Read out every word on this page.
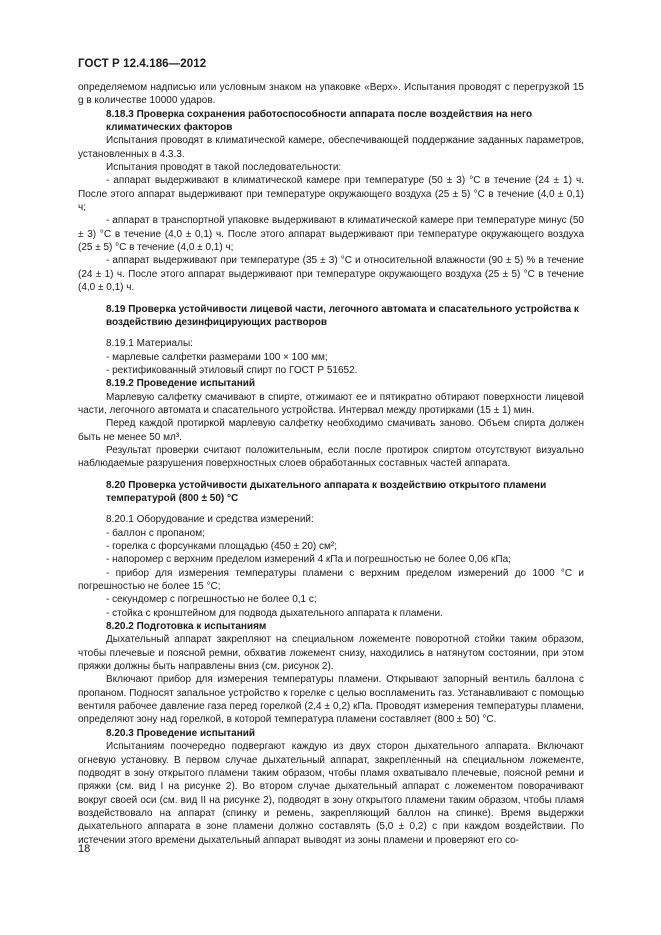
ГОСТ Р 12.4.186—2012

определяемом надписью или условным знаком на упаковке «Верх». Испытания проводят с перегрузкой 15 g в количестве 10000 ударов.

8.18.3 Проверка сохранения работоспособности аппарата после воздействия на него климатических факторов

Испытания проводят в климатической камере, обеспечивающей поддержание заданных параметров, установленных в 4.3.3.

Испытания проводят в такой последовательности:

- аппарат выдерживают в климатической камере при температуре (50 ± 3) °С в течение (24 ± 1) ч. После этого аппарат выдерживают при температуре окружающего воздуха (25 ± 5) °С в течение (4,0 ± 0,1) ч;

- аппарат в транспортной упаковке выдерживают в климатической камере при температуре минус (50 ± 3) °С в течение (4,0 ± 0,1) ч. После этого аппарат выдерживают при температуре окружающего воздуха (25 ± 5) °С в течение (4,0 ± 0,1) ч;

- аппарат выдерживают при температуре (35 ± 3) °С и относительной влажности (90 ± 5) % в течение (24 ± 1) ч. После этого аппарат выдерживают при температуре окружающего воздуха (25 ± 5) °С в течение (4,0 ± 0,1) ч.

8.19 Проверка устойчивости лицевой части, легочного автомата и спасательного устройства к воздействию дезинфицирующих растворов

8.19.1 Материалы:

- марлевые салфетки размерами 100 × 100 мм;

- ректификованный этиловый спирт по ГОСТ Р 51652.

8.19.2 Проведение испытаний

Марлевую салфетку смачивают в спирте, отжимают ее и пятикратно обтирают поверхности лицевой части, легочного автомата и спасательного устройства. Интервал между протирками (15 ± 1) мин.

Перед каждой протиркой марлевую салфетку необходимо смачивать заново. Объем спирта должен быть не менее 50 мл³.

Результат проверки считают положительным, если после протирок спиртом отсутствуют визуально наблюдаемые разрушения поверхностных слоев обработанных составных частей аппарата.

8.20 Проверка устойчивости дыхательного аппарата к воздействию открытого пламени температурой (800 ± 50) °С

8.20.1 Оборудование и средства измерений:

- баллон с пропаном;

- горелка с форсунками площадью (450 ± 20) см²;

- напоромер с верхним пределом измерений 4 кПа и погрешностью не более 0,06 кПа;

- прибор для измерения температуры пламени с верхним пределом измерений до 1000 °С и погрешностью не более 15 °С;

- секундомер с погрешностью не более 0,1 с;

- стойка с кронштейном для подвода дыхательного аппарата к пламени.

8.20.2 Подготовка к испытаниям

Дыхательный аппарат закрепляют на специальном ложементе поворотной стойки таким образом, чтобы плечевые и поясной ремни, обхватив ложемент снизу, находились в натянутом состоянии, при этом пряжки должны быть направлены вниз (см. рисунок 2).

Включают прибор для измерения температуры пламени. Открывают запорный вентиль баллона с пропаном. Подносят запальное устройство к горелке с целью воспламенить газ. Устанавливают с помощью вентиля рабочее давление газа перед горелкой (2,4 ± 0,2) кПа. Проводят измерения температуры пламени, определяют зону над горелкой, в которой температура пламени составляет (800 ± 50) °С.

8.20.3 Проведение испытаний

Испытаниям поочередно подвергают каждую из двух сторон дыхательного аппарата. Включают огневую установку. В первом случае дыхательный аппарат, закрепленный на специальном ложементе, подводят в зону открытого пламени таким образом, чтобы пламя охватывало плечевые, поясной ремни и пряжки (см. вид I на рисунке 2). Во втором случае дыхательный аппарат с ложементом поворачивают вокруг своей оси (см. вид II на рисунке 2), подводят в зону открытого пламени таким образом, чтобы пламя воздействовало на аппарат (спинку и ремень, закрепляющий баллон на спинке). Время выдержки дыхательного аппарата в зоне пламени должно составлять (5,0 ± 0,2) с при каждом воздействии. По истечении этого времени дыхательный аппарат выводят из зоны пламени и проверяют его со-

18
